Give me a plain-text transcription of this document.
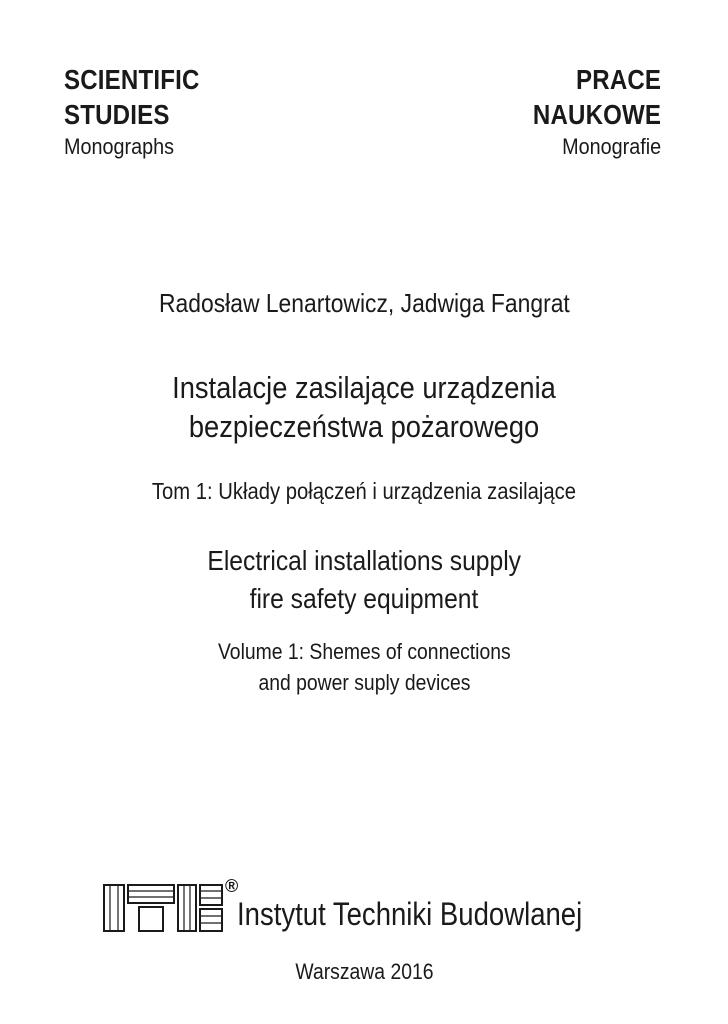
SCIENTIFIC
STUDIES
Monographs
PRACE
NAUKOWE
Monografie
Radosław Lenartowicz, Jadwiga Fangrat
Instalacje zasilające urządzenia
bezpieczeństwa pożarowego
Tom 1: Układy połączeń i urządzenia zasilające
Electrical installations supply
fire safety equipment
Volume 1: Shemes of connections
and power suply devices
®
Instytut Techniki Budowlanej
Warszawa 2016
